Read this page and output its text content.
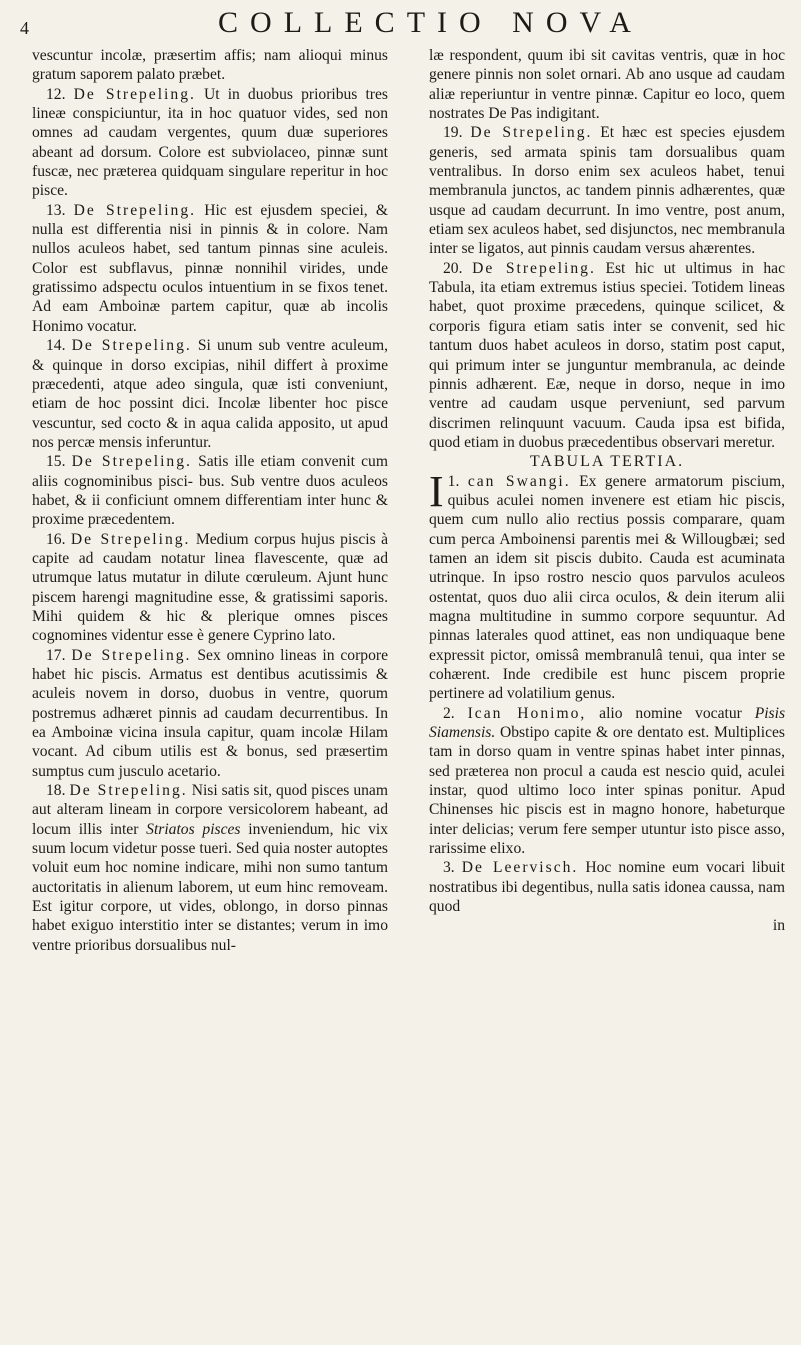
4	COLLECTIO NOVA

vescuntur incolæ, præsertim affis; nam alioqui minus gratum saporem palato præbet.

12. De Strepeling. Ut in duobus prioribus tres lineæ conspiciuntur, ita in hoc quatuor vides, sed non omnes ad caudam vergentes, quum duæ superiores abeant ad dorsum. Colore est subviolaceo, pinnæ sunt fuscæ, nec præterea quidquam singulare reperitur in hoc pisce.

13. De Strepeling. Hic est ejusdem speciei, & nulla est differentia nisi in pinnis & in colore. Nam nullos aculeos habet, sed tantum pinnas sine aculeis. Color est subflavus, pinnæ nonnihil virides, unde gratissimo adspectu oculos intuentium in se fixos tenet. Ad eam Amboinæ partem capitur, quæ ab incolis Honimo vocatur.

14. De Strepeling. Si unum sub ventre aculeum, & quinque in dorso excipias, nihil differt à proxime præcedenti, atque adeo singula, quæ isti conveniunt, etiam de hoc possint dici. Incolæ libenter hoc pisce vescuntur, sed cocto & in aqua calida apposito, ut apud nos percæ mensis inferuntur.

15. De Strepeling. Satis ille etiam convenit cum aliis cognominibus pisci- bus. Sub ventre duos aculeos habet, & ii conficiunt omnem differentiam inter hunc & proxime præcedentem.

16. De Strepeling. Medium corpus hujus piscis à capite ad caudam notatur linea flavescente, quæ ad utrumque latus mutatur in dilute cœruleum. Ajunt hunc piscem harengi magnitudine esse, & gratissimi saporis. Mihi quidem & hic & plerique omnes pisces cognomines videntur esse è genere Cyprino lato.

17. De Strepeling. Sex omnino lineas in corpore habet hic piscis. Armatus est dentibus acutissimis & aculeis novem in dorso, duobus in ventre, quorum postremus adhæret pinnis ad caudam decurrentibus. In ea Amboinæ vicina insula capitur, quam incolæ Hilam vocant. Ad cibum utilis est & bonus, sed præsertim sumptus cum jusculo acetario.

18. De Strepeling. Nisi satis sit, quod pisces unam aut alteram lineam in corpore versicolorem habeant, ad locum illis inter Striatos pisces inveniendum, hic vix suum locum videtur posse tueri. Sed quia noster autoptes voluit eum hoc nomine indicare, mihi non sumo tantum auctoritatis in alienum laborem, ut eum hinc removeam. Est igitur corpore, ut vides, oblongo, in dorso pinnas habet exiguo interstitio inter se distantes; verum in imo ventre prioribus dorsualibus nul-

læ respondent, quum ibi sit cavitas ventris, quæ in hoc genere pinnis non solet ornari. Ab ano usque ad caudam aliæ reperiuntur in ventre pinnæ. Capitur eo loco, quem nostrates De Pas indigitant.

19. De Strepeling. Et hæc est species ejusdem generis, sed armata spinis tam dorsualibus quam ventralibus. In dorso enim sex aculeos habet, tenui membranula junctos, ac tandem pinnis adhærentes, quæ usque ad caudam decurrunt. In imo ventre, post anum, etiam sex aculeos habet, sed disjunctos, nec membranula inter se ligatos, aut pinnis caudam versus ahærentes.

20. De Strepeling. Est hic ut ultimus in hac Tabula, ita etiam extremus istius speciei. Totidem lineas habet, quot proxime præcedens, quinque scilicet, & corporis figura etiam satis inter se convenit, sed hic tantum duos habet aculeos in dorso, statim post caput, qui primum inter se junguntur membranula, ac deinde pinnis adhærent. Eæ, neque in dorso, neque in imo ventre ad caudam usque perveniunt, sed parvum discrimen relinquunt vacuum. Cauda ipsa est bifida, quod etiam in duobus præcedentibus observari meretur.

TABULA TERTIA.

1.
I can Swangi. Ex genere armatorum piscium, quibus aculei nomen invenere est etiam hic piscis, quem cum nullo alio rectius possis comparare, quam cum perca Amboinensi parentis mei & Willougbæi; sed tamen an idem sit piscis dubito. Cauda est acuminata utrinque. In ipso rostro nescio quos parvulos aculeos ostentat, quos duo alii circa oculos, & dein iterum alii magna multitudine in summo corpore sequuntur. Ad pinnas laterales quod attinet, eas non undiquaque bene expressit pictor, omissâ membranulâ tenui, qua inter se cohærent. Inde credibile est hunc piscem proprie pertinere ad volatilium genus.

2. Ican Honimo, alio nomine vocatur Pisis Siamensis. Obstipo capite & ore dentato est. Multiplices tam in dorso quam in ventre spinas habet inter pinnas, sed præterea non procul a cauda est nescio quid, aculei instar, quod ultimo loco inter spinas ponitur. Apud Chinenses hic piscis est in magno honore, habeturque inter delicias; verum fere semper utuntur isto pisce asso, rarissime elixo.

3. De Leervisch. Hoc nomine eum vocari libuit nostratibus ibi degentibus, nulla satis idonea caussa, nam quod

in
